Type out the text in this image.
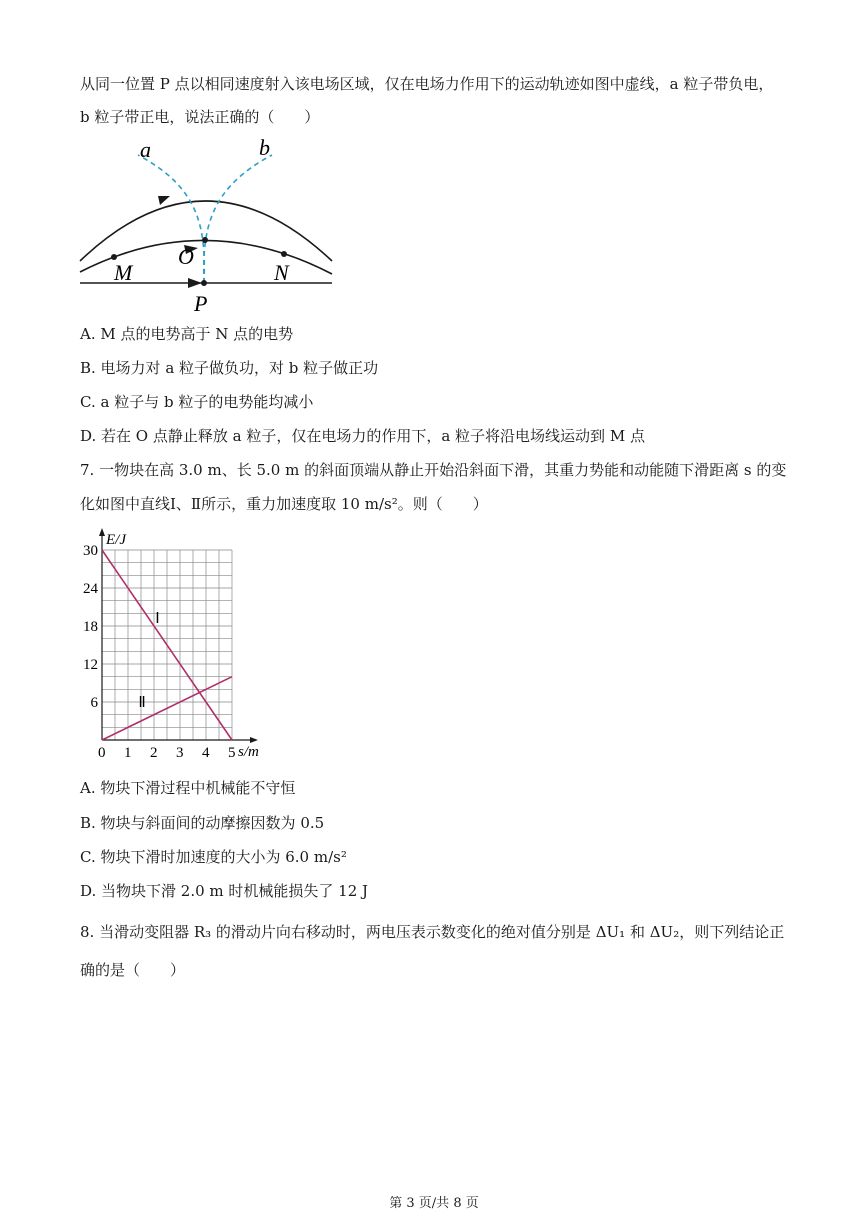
从同一位置 P 点以相同速度射入该电场区域，仅在电场力作用下的运动轨迹如图中虚线，a 粒子带负电，
b 粒子带正电，说法正确的（　　）
a	b
M
O
N
P
A. M 点的电势高于 N 点的电势
B. 电场力对 a 粒子做负功，对 b 粒子做正功
C. a 粒子与 b 粒子的电势能均减小
D. 若在 O 点静止释放 a 粒子，仅在电场力的作用下，a 粒子将沿电场线运动到 M 点
7. 一物块在高 3.0 m、长 5.0 m 的斜面顶端从静止开始沿斜面下滑，其重力势能和动能随下滑距离 s 的变
化如图中直线Ⅰ、Ⅱ所示，重力加速度取 10 m/s²。则（　　）
0 1 2 3 4 5
6
12
18
24
30
Ⅰ
Ⅱ
E/J
s/m
A. 物块下滑过程中机械能不守恒
B. 物块与斜面间的动摩擦因数为 0.5
C. 物块下滑时加速度的大小为 6.0 m/s²
D. 当物块下滑 2.0 m 时机械能损失了 12 J
8. 当滑动变阻器 R₃ 的滑动片向右移动时，两电压表示数变化的绝对值分别是 ΔU₁ 和 ΔU₂，则下列结论正
确的是（　　）
第 3 页/共 8 页
